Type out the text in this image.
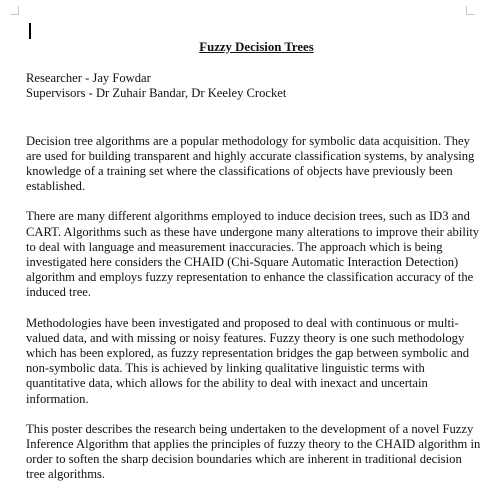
Fuzzy Decision Trees

Researcher - Jay Fowdar

Supervisors - Dr Zuhair Bandar, Dr Keeley Crocket

Decision tree algorithms are a popular methodology for symbolic data acquisition. They are used for building transparent and highly accurate classification systems, by analysing knowledge of a training set where the classifications of objects have previously been established.

There are many different algorithms employed to induce decision trees, such as ID3 and CART. Algorithms such as these have undergone many alterations to improve their ability to deal with language and measurement inaccuracies. The approach which is being investigated here considers the CHAID (Chi-Square Automatic Interaction Detection) algorithm and employs fuzzy representation to enhance the classification accuracy of the induced tree.

Methodologies have been investigated and proposed to deal with continuous or multi-valued data, and with missing or noisy features. Fuzzy theory is one such methodology which has been explored, as fuzzy representation bridges the gap between symbolic and non-symbolic data. This is achieved by linking qualitative linguistic terms with quantitative data, which allows for the ability to deal with inexact and uncertain information.

This poster describes the research being undertaken to the development of a novel Fuzzy Inference Algorithm that applies the principles of fuzzy theory to the CHAID algorithm in order to soften the sharp decision boundaries which are inherent in traditional decision tree algorithms.
